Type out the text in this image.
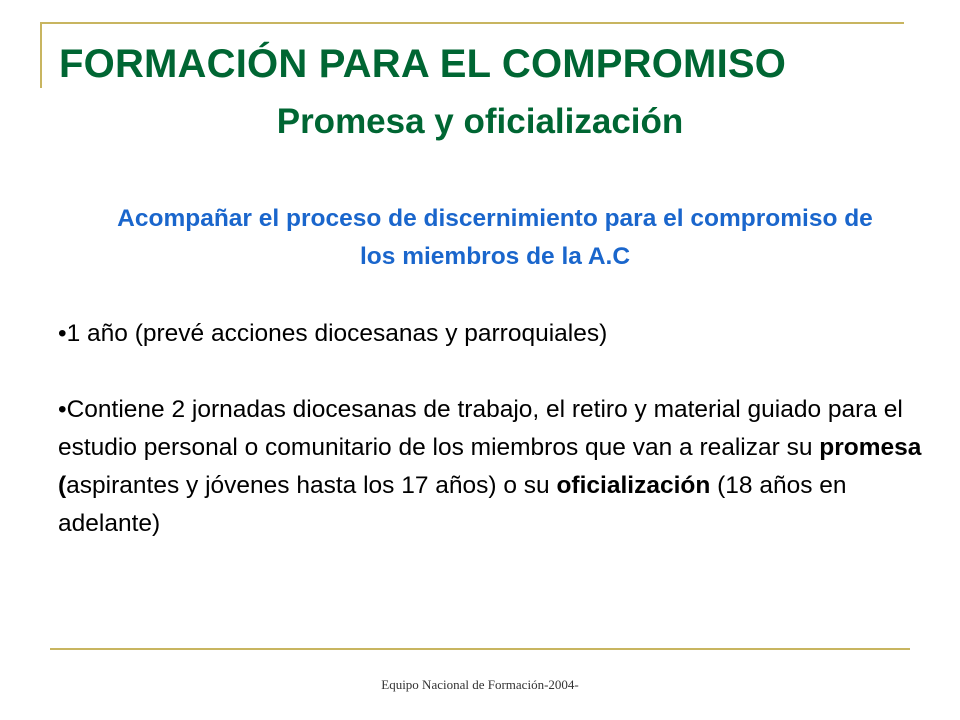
FORMACIÓN PARA EL COMPROMISO
Promesa y oficialización

Acompañar el proceso de discernimiento para el compromiso de los miembros de la A.C

•1 año (prevé acciones diocesanas y parroquiales)

•Contiene 2 jornadas diocesanas de trabajo, el retiro y material guiado para el estudio personal o comunitario de los miembros que van a realizar su promesa (aspirantes y jóvenes hasta los 17 años) o su oficialización (18 años en adelante)

Equipo Nacional de Formación-2004-
